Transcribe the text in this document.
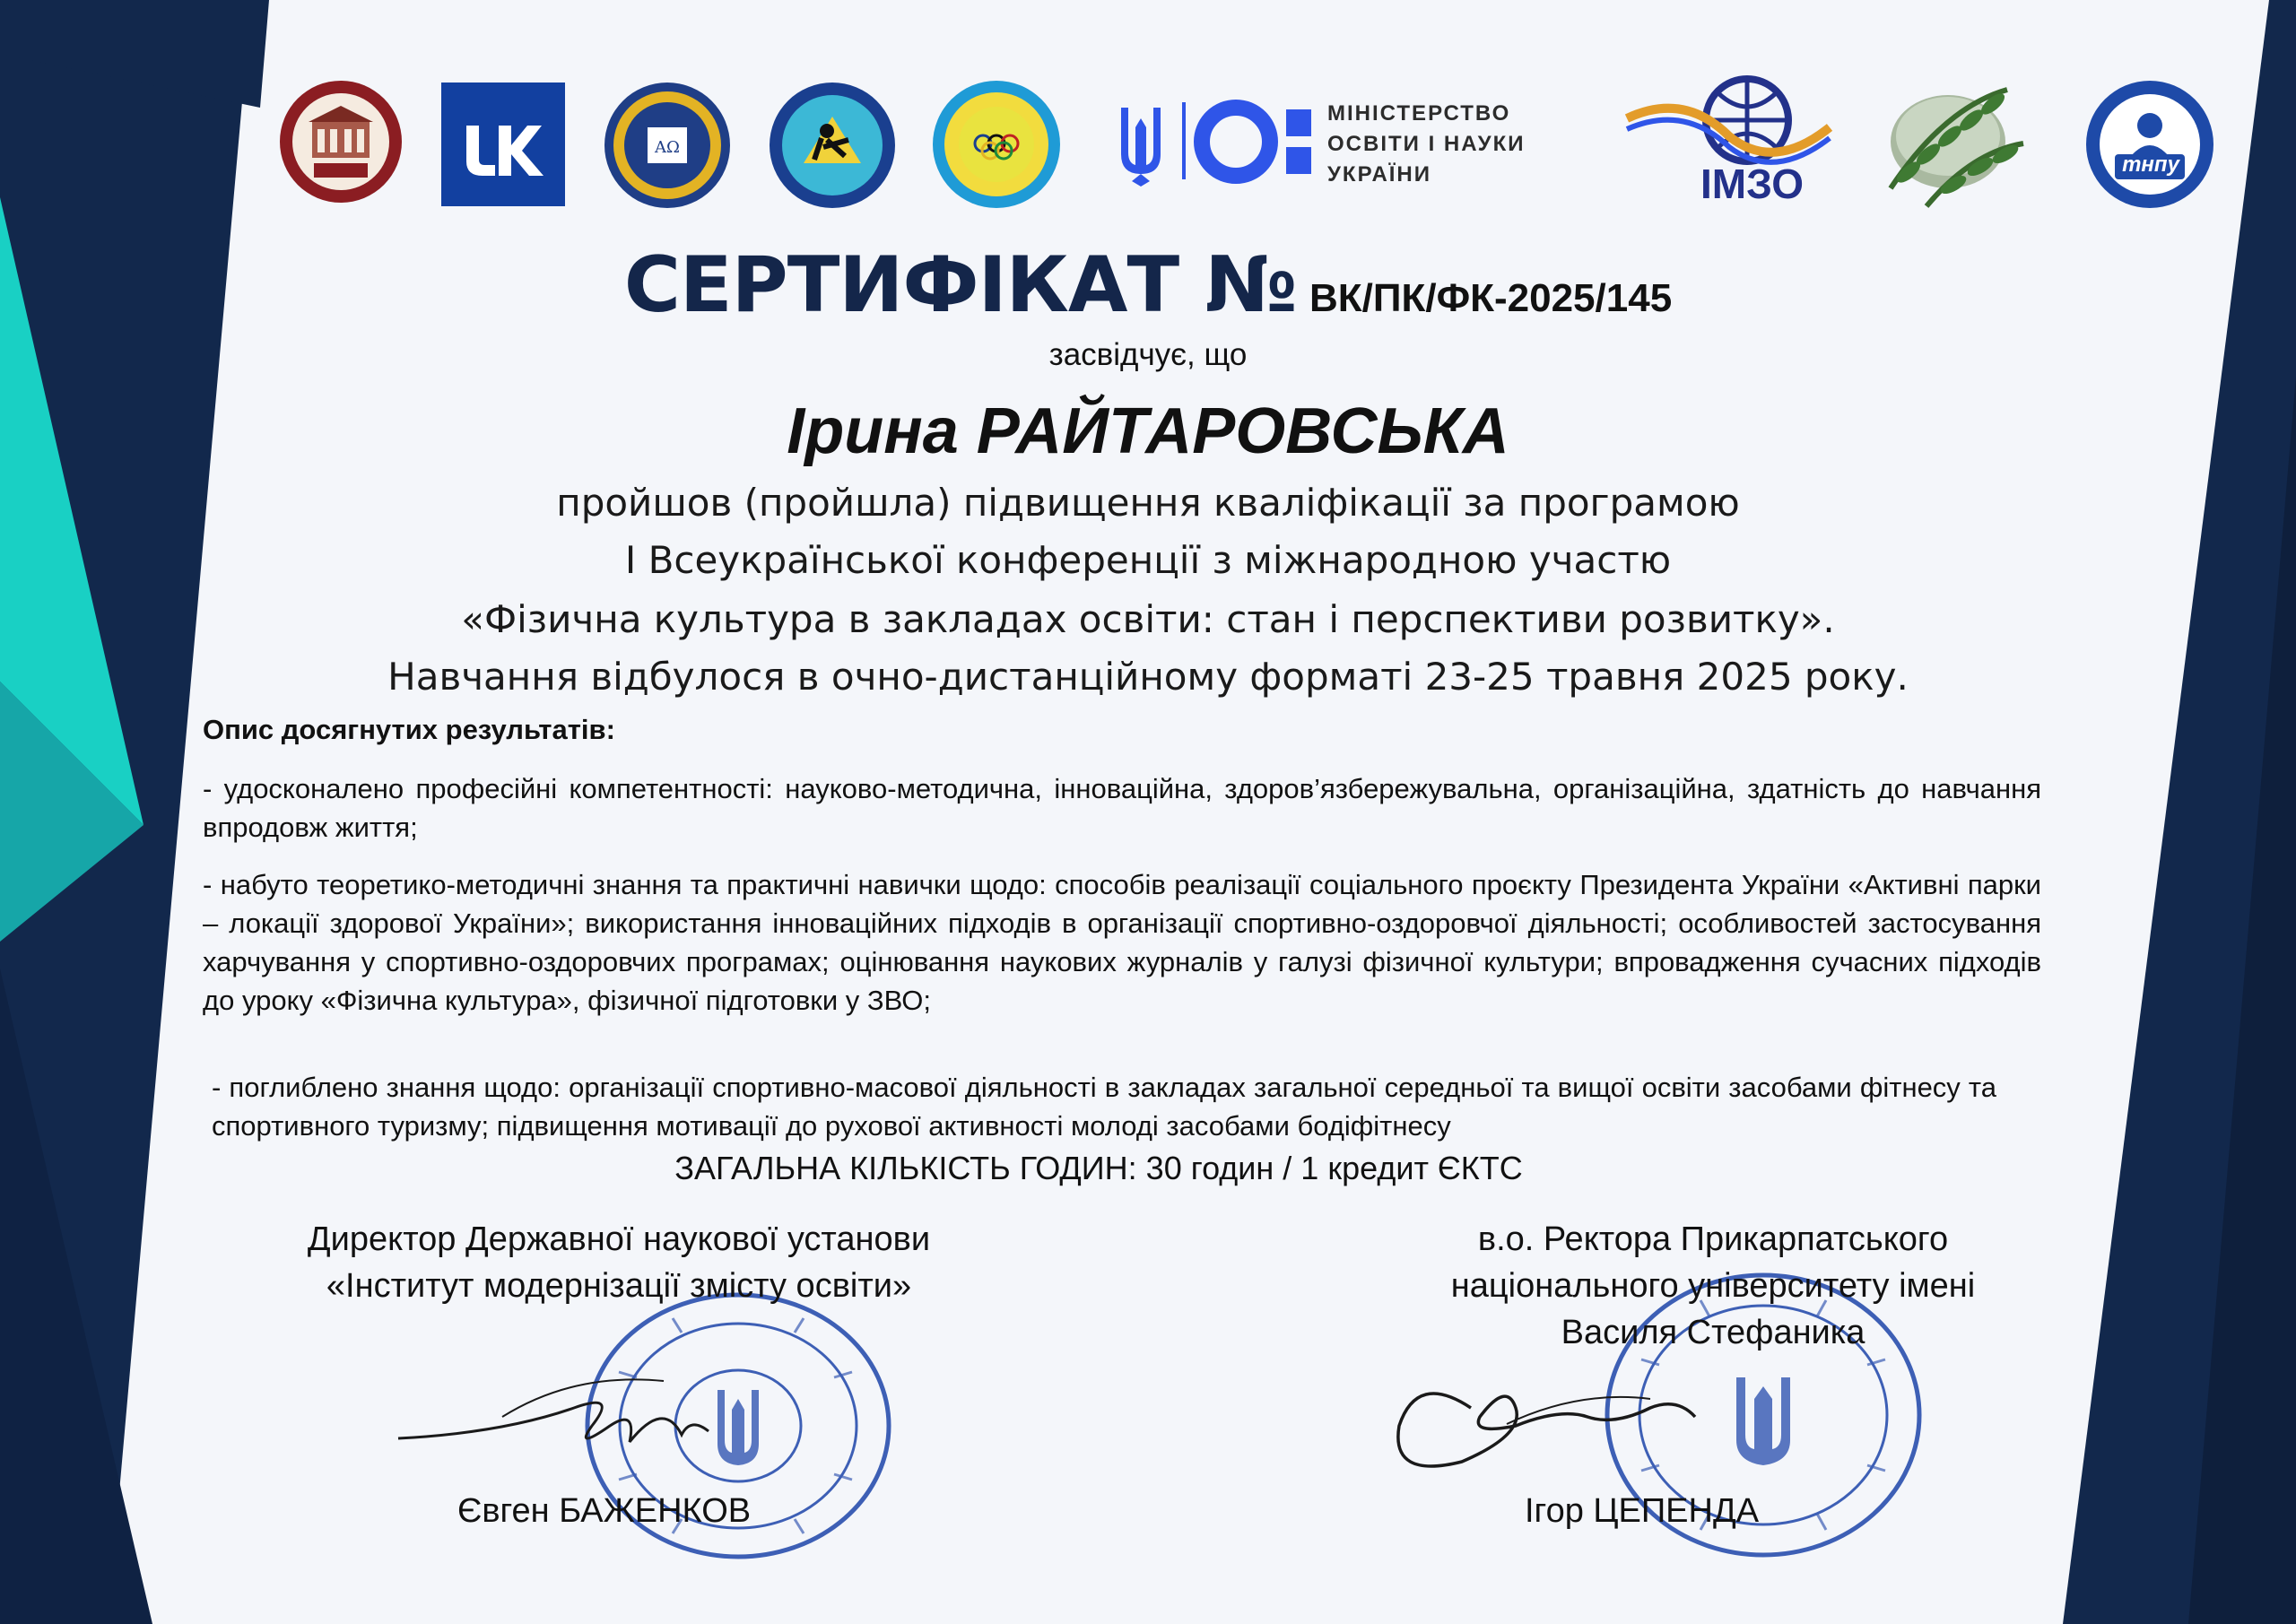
AΩ
МІНІСТЕРСТВО
ОСВІТИ І НАУКИ
УКРАЇНИ	ІМЗО	тнпу
СЕРТИФІКАТ № ВК/ПК/ФК-2025/145
засвідчує, що
Ірина РАЙТАРОВСЬКА
пройшов (пройшла) підвищення кваліфікації за програмою
І Всеукраїнської конференції з міжнародною участю
«Фізична культура в закладах освіти: стан і перспективи розвитку».
Навчання відбулося в очно-дистанційному форматі 23-25 травня 2025 року.
Опис досягнутих результатів:
- удосконалено професійні компетентності: науково-методична, інноваційна, здоров’язбережувальна, організаційна, здатність до навчання впродовж життя;
- набуто теоретико-методичні знання та практичні навички щодо: способів реалізації соціального проєкту Президента України «Активні парки – локації здорової України»; використання інноваційних підходів в організації спортивно-оздоровчої діяльності; особливостей застосування харчування у спортивно-оздоровчих програмах; оцінювання наукових журналів у галузі фізичної культури; впровадження сучасних підходів до уроку «Фізична культура», фізичної підготовки у ЗВО;
- поглиблено знання щодо: організації спортивно-масової діяльності в закладах загальної середньої та вищої освіти засобами фітнесу та спортивного туризму; підвищення мотивації до рухової активності молоді засобами бодіфітнесу
ЗАГАЛЬНА КІЛЬКІСТЬ ГОДИН: 30 годин / 1 кредит ЄКТС
Директор Державної наукової установи
«Інститут модернізації змісту освіти»
Євген БАЖЕНКОВ
в.о. Ректора Прикарпатського
національного університету імені
Василя Стефаника
Ігор ЦЕПЕНДА
